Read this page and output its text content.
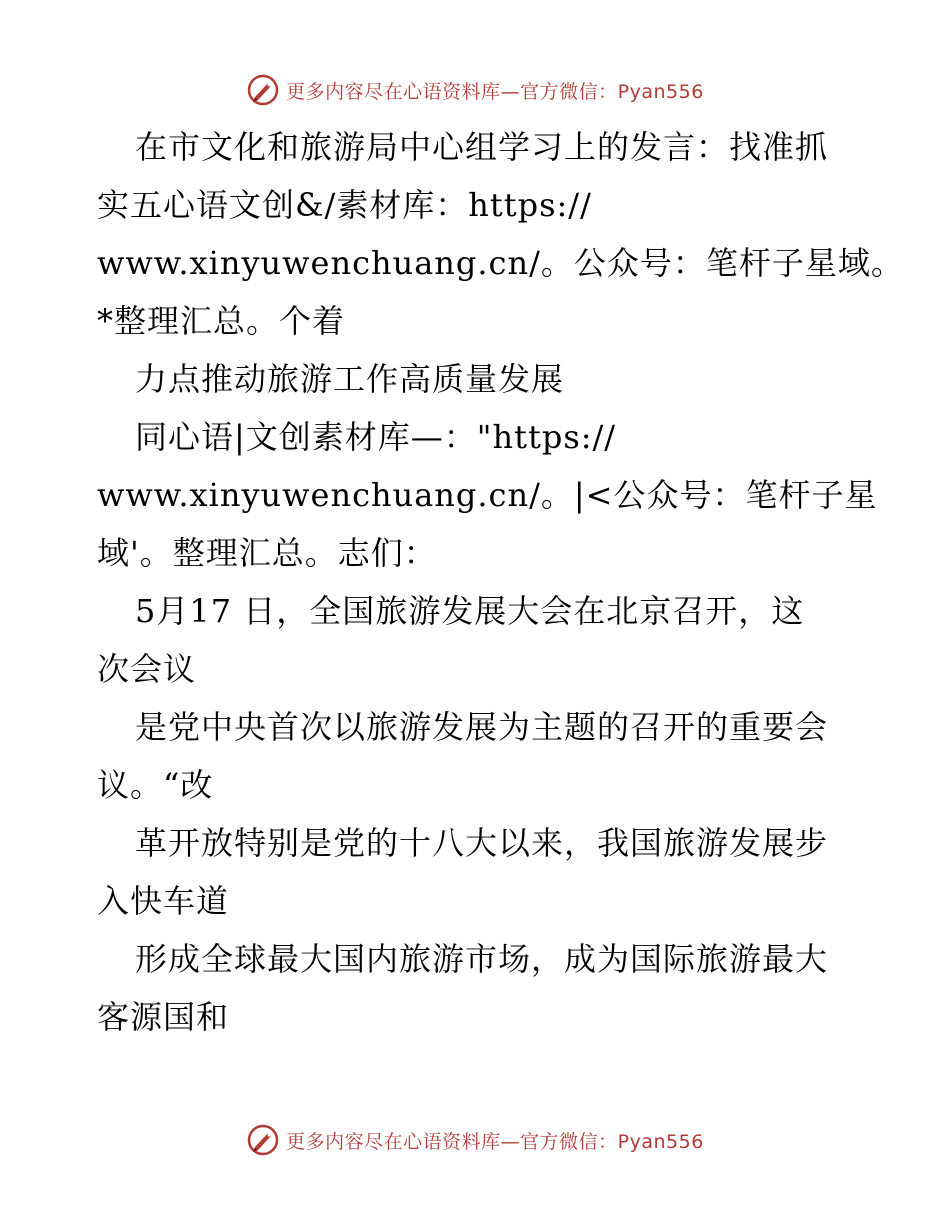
更多内容尽在心语资料库—官方微信：Pyan556
在市文化和旅游局中心组学习上的发言：找准抓
实五心语文创&/素材库：https://
www.xinyuwenchuang.cn/。公众号：笔杆子星域。
*整理汇总。个着
力点推动旅游工作高质量发展
同心语|文创素材库—："https://
www.xinyuwenchuang.cn/。|<公众号：笔杆子星
域'。整理汇总。志们：
5月17 日，全国旅游发展大会在北京召开，这
次会议
是党中央首次以旅游发展为主题的召开的重要会
议。“改
革开放特别是党的十八大以来，我国旅游发展步
入快车道
形成全球最大国内旅游市场，成为国际旅游最大
客源国和
更多内容尽在心语资料库—官方微信：Pyan556
